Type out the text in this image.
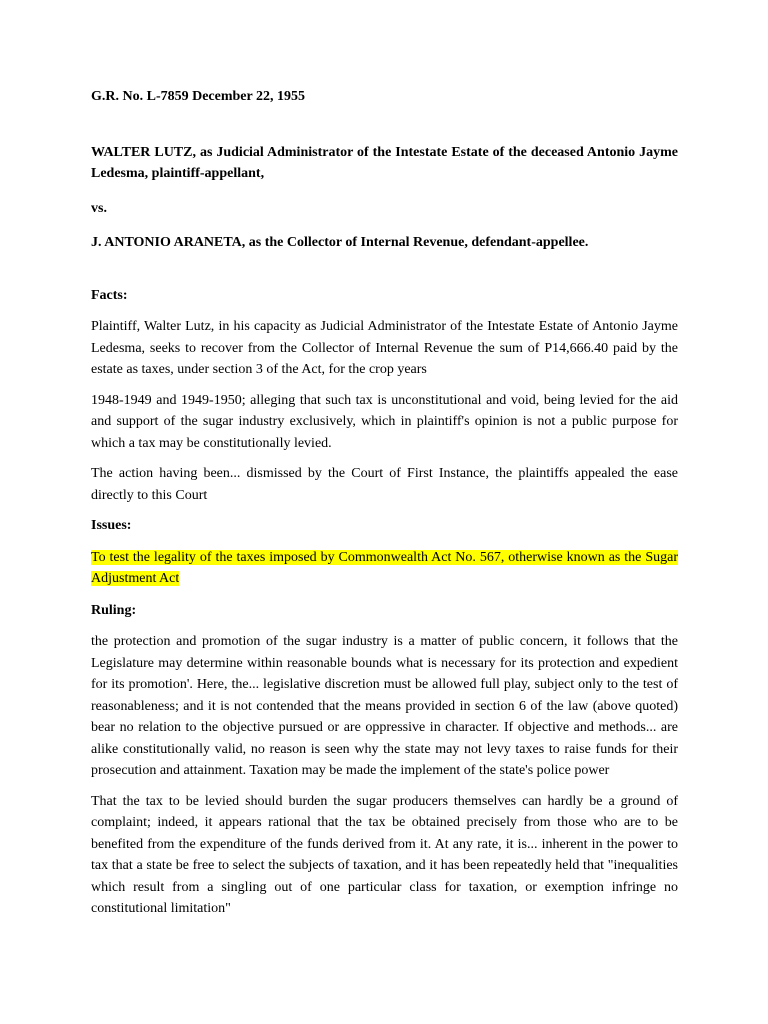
G.R. No. L-7859 December 22, 1955

WALTER LUTZ, as Judicial Administrator of the Intestate Estate of the deceased Antonio Jayme Ledesma, plaintiff-appellant,

vs.

J. ANTONIO ARANETA, as the Collector of Internal Revenue, defendant-appellee.

Facts:

Plaintiff, Walter Lutz, in his capacity as Judicial Administrator of the Intestate Estate of Antonio Jayme Ledesma, seeks to recover from the Collector of Internal Revenue the sum of P14,666.40 paid by the estate as taxes, under section 3 of the Act, for the crop years

1948-1949 and 1949-1950; alleging that such tax is unconstitutional and void, being levied for the aid and support of the sugar industry exclusively, which in plaintiff's opinion is not a public purpose for which a tax may be constitutionally levied.

The action having been... dismissed by the Court of First Instance, the plaintiffs appealed the ease directly to this Court

Issues:

To test the legality of the taxes imposed by Commonwealth Act No. 567, otherwise known as the Sugar Adjustment Act

Ruling:

the protection and promotion of the sugar industry is a matter of public concern, it follows that the Legislature may determine within reasonable bounds what is necessary for its protection and expedient for its promotion'. Here, the... legislative discretion must be allowed full play, subject only to the test of reasonableness; and it is not contended that the means provided in section 6 of the law (above quoted) bear no relation to the objective pursued or are oppressive in character. If objective and methods... are alike constitutionally valid, no reason is seen why the state may not levy taxes to raise funds for their prosecution and attainment. Taxation may be made the implement of the state's police power

That the tax to be levied should burden the sugar producers themselves can hardly be a ground of complaint; indeed, it appears rational that the tax be obtained precisely from those who are to be benefited from the expenditure of the funds derived from it. At any rate, it is... inherent in the power to tax that a state be free to select the subjects of taxation, and it has been repeatedly held that "inequalities which result from a singling out of one particular class for taxation, or exemption infringe no constitutional limitation"
